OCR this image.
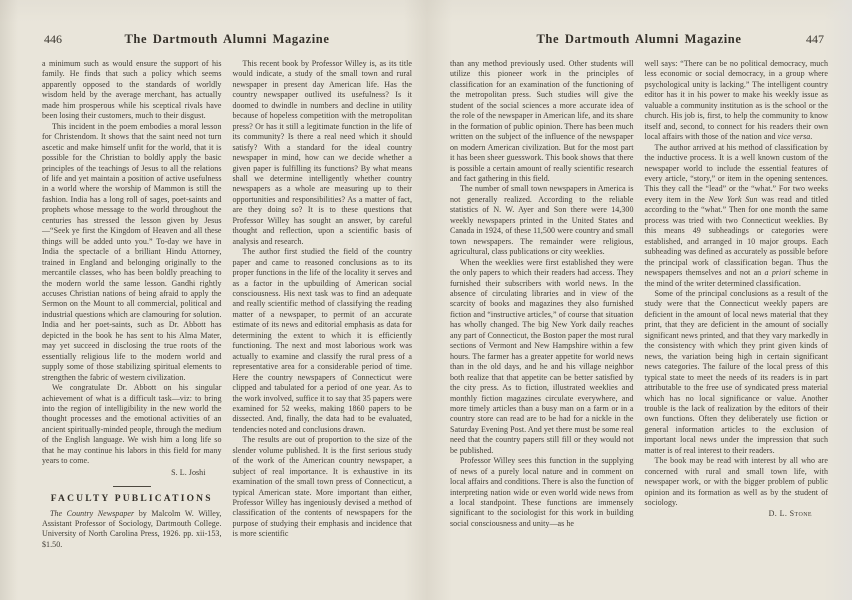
446	The Dartmouth Alumni Magazine

a minimum such as would ensure the support of his family. He finds that such a policy which seems apparently opposed to the standards of worldly wisdom held by the average merchant, has actually made him prosperous while his sceptical rivals have been losing their customers, much to their disgust.

This incident in the poem embodies a moral lesson for Christendom. It shows that the saint need not turn ascetic and make himself unfit for the world, that it is possible for the Christian to boldly apply the basic principles of the teachings of Jesus to all the relations of life and yet maintain a position of active usefulness in a world where the worship of Mammon is still the fashion. India has a long roll of sages, poet-saints and prophets whose message to the world throughout the centuries has stressed the lesson given by Jesus—“Seek ye first the Kingdom of Heaven and all these things will be added unto you.” To-day we have in India the spectacle of a brilliant Hindu Attorney, trained in England and belonging originally to the mercantile classes, who has been boldly preaching to the modern world the same lesson. Gandhi rightly accuses Christian nations of being afraid to apply the Sermon on the Mount to all commercial, political and industrial questions which are clamouring for solution. India and her poet-saints, such as Dr. Abbott has depicted in the book he has sent to his Alma Mater, may yet succeed in disclosing the true roots of the essentially religious life to the modern world and supply some of those stabilizing spiritual elements to strengthen the fabric of western civilization.

We congratulate Dr. Abbott on his singular achievement of what is a difficult task—viz: to bring into the region of intelligibility in the new world the thought processes and the emotional activities of an ancient spiritually-minded people, through the medium of the English language. We wish him a long life so that he may continue his labors in this field for many years to come.

S. L. Joshi
FACULTY PUBLICATIONS

The Country Newspaper by Malcolm W. Willey, Assistant Professor of Sociology, Dartmouth College. University of North Carolina Press, 1926. pp. xii-153, $1.50.

This recent book by Professor Willey is, as its title would indicate, a study of the small town and rural newspaper in present day American life. Has the country newspaper outlived its usefulness? Is it doomed to dwindle in numbers and decline in utility because of hopeless competition with the metropolitan press? Or has it still a legitimate function in the life of its community? Is there a real need which it should satisfy? With a standard for the ideal country newspaper in mind, how can we decide whether a given paper is fulfilling its functions? By what means shall we determine intelligently whether country newspapers as a whole are measuring up to their opportunities and responsibilities? As a matter of fact, are they doing so? It is to these questions that Professor Willey has sought an answer, by careful thought and reflection, upon a scientific basis of analysis and research.

The author first studied the field of the country paper and came to reasoned conclusions as to its proper functions in the life of the locality it serves and as a factor in the upbuilding of American social consciousness. His next task was to find an adequate and really scientific method of classifying the reading matter of a newspaper, to permit of an accurate estimate of its news and editorial emphasis as data for determining the extent to which it is efficiently functioning. The next and most laborious work was actually to examine and classify the rural press of a representative area for a considerable period of time. Here the country newspapers of Connecticut were clipped and tabulated for a period of one year. As to the work involved, suffice it to say that 35 papers were examined for 52 weeks, making 1860 papers to be dissected. And, finally, the data had to be evaluated, tendencies noted and conclusions drawn.

The results are out of proportion to the size of the slender volume published. It is the first serious study of the work of the American country newspaper, a subject of real importance. It is exhaustive in its examination of the small town press of Connecticut, a typical American state. More important than either, Professor Willey has ingeniously devised a method of classification of the contents of newspapers for the purpose of studying their emphasis and incidence that is more scientific

The Dartmouth Alumni Magazine	447

than any method previously used. Other students will utilize this pioneer work in the principles of classification for an examination of the functioning of the metropolitan press. Such studies will give the student of the social sciences a more accurate idea of the role of the newspaper in American life, and its share in the formation of public opinion. There has been much written on the subject of the influence of the newspaper on modern American civilization. But for the most part it has been sheer guesswork. This book shows that there is possible a certain amount of really scientific research and fact gathering in this field.

The number of small town newspapers in America is not generally realized. According to the reliable statistics of N. W. Ayer and Son there were 14,300 weekly newspapers printed in the United States and Canada in 1924, of these 11,500 were country and small town newspapers. The remainder were religious, agricultural, class publications or city weeklies.

When the weeklies were first established they were the only papers to which their readers had access. They furnished their subscribers with world news. In the absence of circulating libraries and in view of the scarcity of books and magazines they also furnished fiction and “instructive articles,” of course that situation has wholly changed. The big New York daily reaches any part of Connecticut, the Boston paper the most rural sections of Vermont and New Hampshire within a few hours. The farmer has a greater appetite for world news than in the old days, and he and his village neighbor both realize that that appetite can be better satisfied by the city press. As to fiction, illustrated weeklies and monthly fiction magazines circulate everywhere, and more timely articles than a busy man on a farm or in a country store can read are to be had for a nickle in the Saturday Evening Post. And yet there must be some real need that the country papers still fill or they would not be published.

Professor Willey sees this function in the supplying of news of a purely local nature and in comment on local affairs and conditions. There is also the function of interpreting nation wide or even world wide news from a local standpoint. These functions are immensely significant to the sociologist for this work in building social consciousness and unity—as he

well says: “There can be no political democracy, much less economic or social democracy, in a group where psychological unity is lacking.” The intelligent country editor has it in his power to make his weekly issue as valuable a community institution as is the school or the church. His job is, first, to help the community to know itself and, second, to connect for his readers their own local affairs with those of the nation and vice versa.

The author arrived at his method of classification by the inductive process. It is a well known custom of the newspaper world to include the essential features of every article, “story,” or item in the opening sentences. This they call the “lead” or the “what.” For two weeks every item in the New York Sun was read and titled according to the “what.” Then for one month the same process was tried with two Connecticut weeklies. By this means 49 subheadings or categories were established, and arranged in 10 major groups. Each subheading was defined as accurately as possible before the principal work of classification began. Thus the newspapers themselves and not an a priori scheme in the mind of the writer determined classification.

Some of the principal conclusions as a result of the study were that the Connecticut weekly papers are deficient in the amount of local news material that they print, that they are deficient in the amount of socially significant news printed, and that they vary markedly in the consistency with which they print given kinds of news, the variation being high in certain significant news categories. The failure of the local press of this typical state to meet the needs of its readers is in part attributable to the free use of syndicated press material which has no local significance or value. Another trouble is the lack of realization by the editors of their own functions. Often they deliberately use fiction or general information articles to the exclusion of important local news under the impression that such matter is of real interest to their readers.

The book may be read with interest by all who are concerned with rural and small town life, with newspaper work, or with the bigger problem of public opinion and its formation as well as by the student of sociology.

D. L. Stone
